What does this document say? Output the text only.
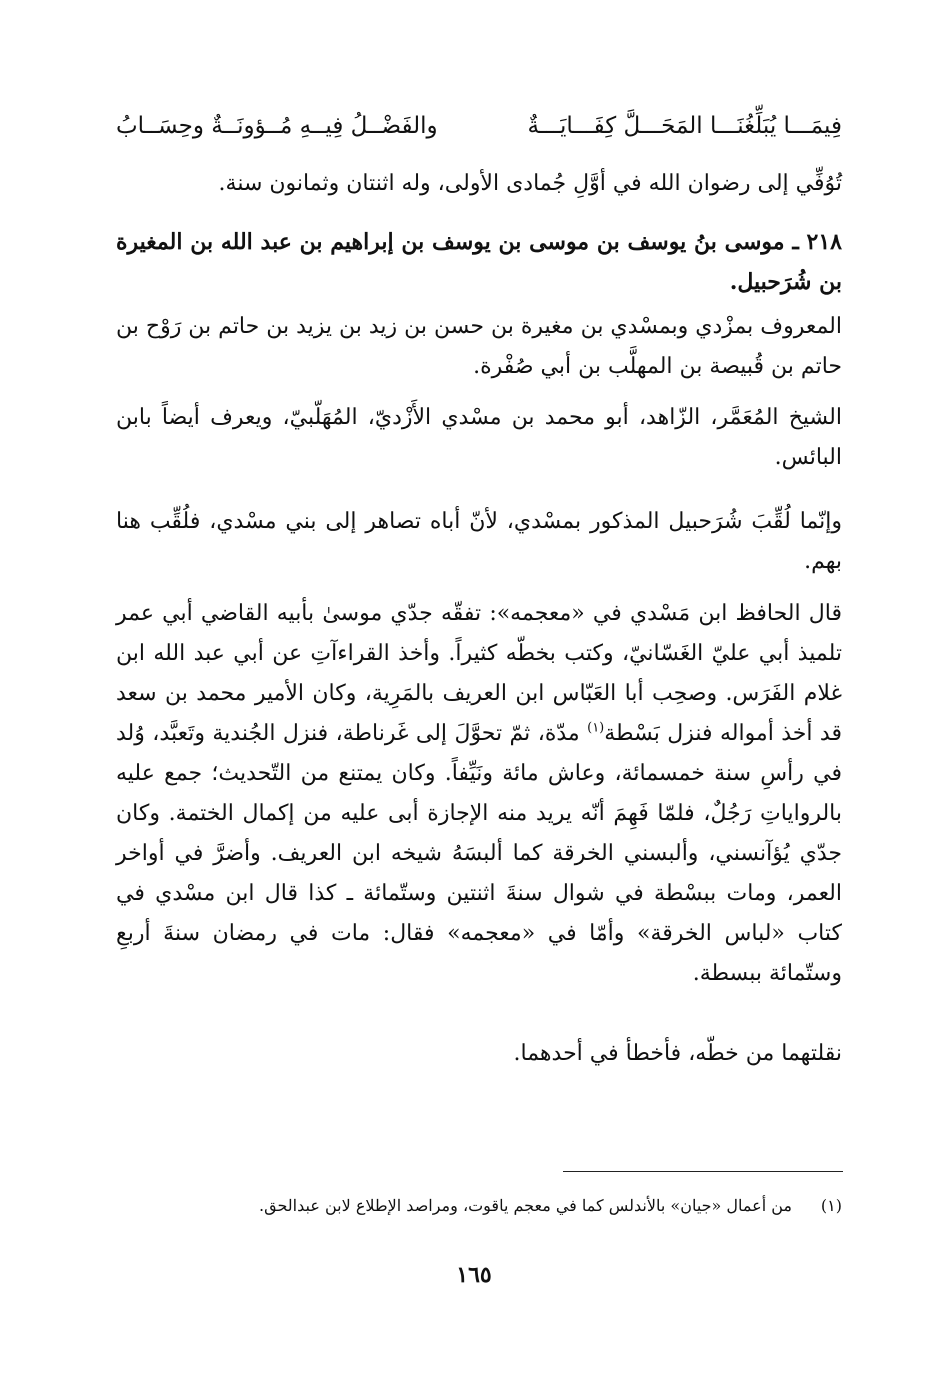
فِيمَـــا يُبَلِّغُنَـــا المَحَـــلَّ كِفَـــايَـــةٌ
والفَضْــلُ فِيــهِ مُــؤونَــةٌ وحِسَــابُ
تُوُفِّي إلى رضوان الله في أوَّلِ جُمادى الأولى، وله اثنتان وثمانون سنة.
٢١٨ ـ موسى بنُ يوسف بن موسى بن يوسف بن إبراهيم بن عبد الله بن المغيرة بن شُرَحبيل.
المعروف بمزْدي وبمسْدي بن مغيرة بن حسن بن زيد بن يزيد بن حاتم بن رَوْح بن حاتم بن قُبيصة بن المهلَّب بن أبي صُفْرة.
الشيخ المُعَمَّر، الزّاهد، أبو محمد بن مسْدي الأَزْديّ، المُهَلّبيّ، ويعرف أيضاً بابن البائس.
وإنّما لُقِّبَ شُرَحبيل المذكور بمسْدي، لأنّ أباه تصاهر إلى بني مسْدي، فلُقِّب هنا بهم.
قال الحافظ ابن مَسْدي في «معجمه»: تفقّه جدّي موسىٰ بأبيه القاضي أبي عمر تلميذ أبي عليّ الغَسّانيّ، وكتب بخطّه كثيراً. وأخذ القراءآتِ عن أبي عبد الله ابن غلام الفَرَس. وصحِب أبا العَبّاس ابن العريف بالمَرِية، وكان الأمير محمد بن سعد قد أخذ أمواله فنزل بَسْطة$^{(١)}$ مدّة، ثمّ تحوَّلَ إلى غَرناطة، فنزل الجُندية وتَعبَّد، وُلد في رأسِ سنة خمسمائة، وعاش مائة ونَيِّفاً. وكان يمتنع من التّحديث؛ جمع عليه بالرواياتِ رَجُلٌ، فلمّا فَهِمَ أنّه يريد منه الإجازة أبى عليه من إكمال الختمة. وكان جدّي يُؤآنسني، وألبسني الخرقة كما ألبسَهُ شيخه ابن العريف. وأضرَّ في أواخر العمر، ومات ببسْطة في شوال سنةَ اثنتين وستّمائة ـ كذا قال ابن مسْدي في كتاب «لباس الخرقة» وأمّا في «معجمه» فقال: مات في رمضان سنةَ أربعِ وستّمائة ببسطة.
نقلتهما من خطّه، فأخطأ في أحدهما.
(١)من أعمال «جيان» بالأندلس كما في معجم ياقوت، ومراصد الإطلاع لابن عبدالحق.
١٦٥
